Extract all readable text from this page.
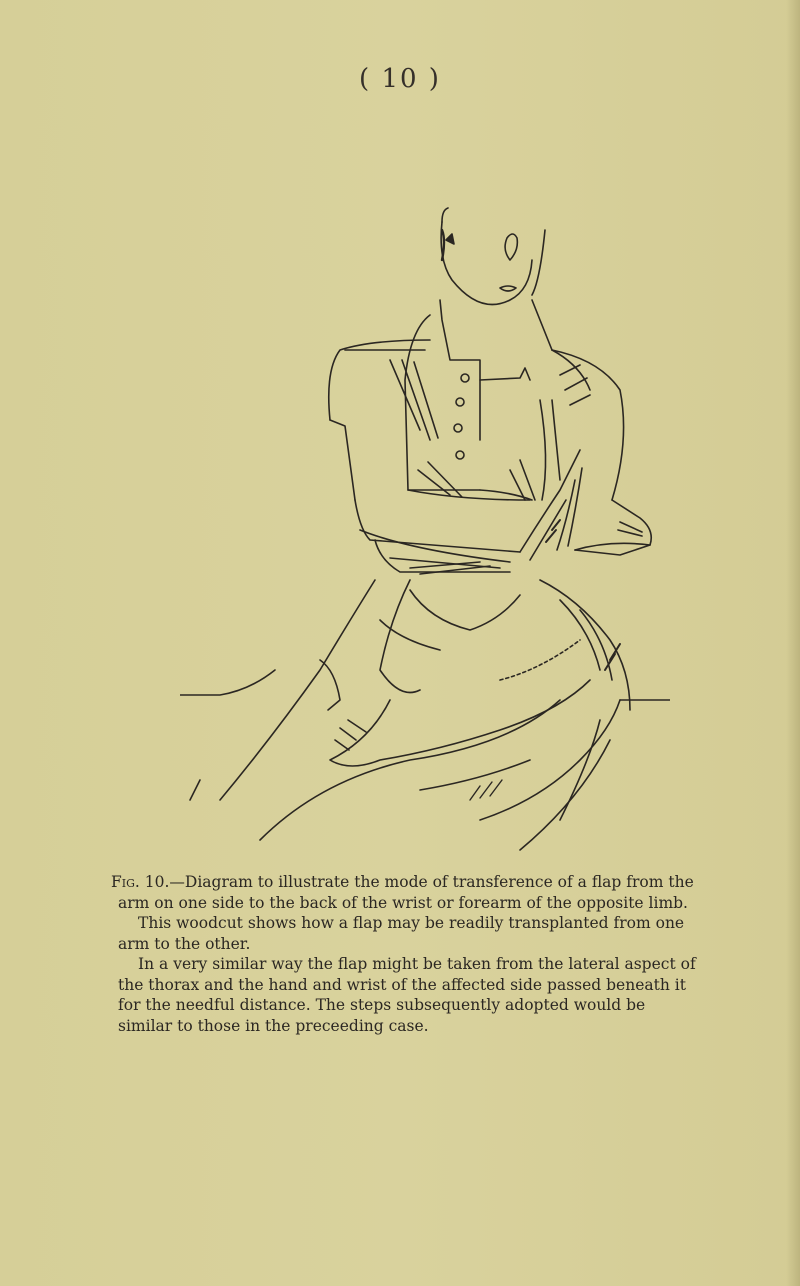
( 10 )

Fig. 10.—Diagram to illustrate the mode of transference of a flap from the

arm on one side to the back of the wrist or forearm of the opposite limb.

This woodcut shows how a flap may be readily transplanted from one

arm to the other.

In a very similar way the flap might be taken from the lateral aspect of

the thorax and the hand and wrist of the affected side passed beneath it

for the needful distance. The steps subsequently adopted would be

similar to those in the preceeding case.
